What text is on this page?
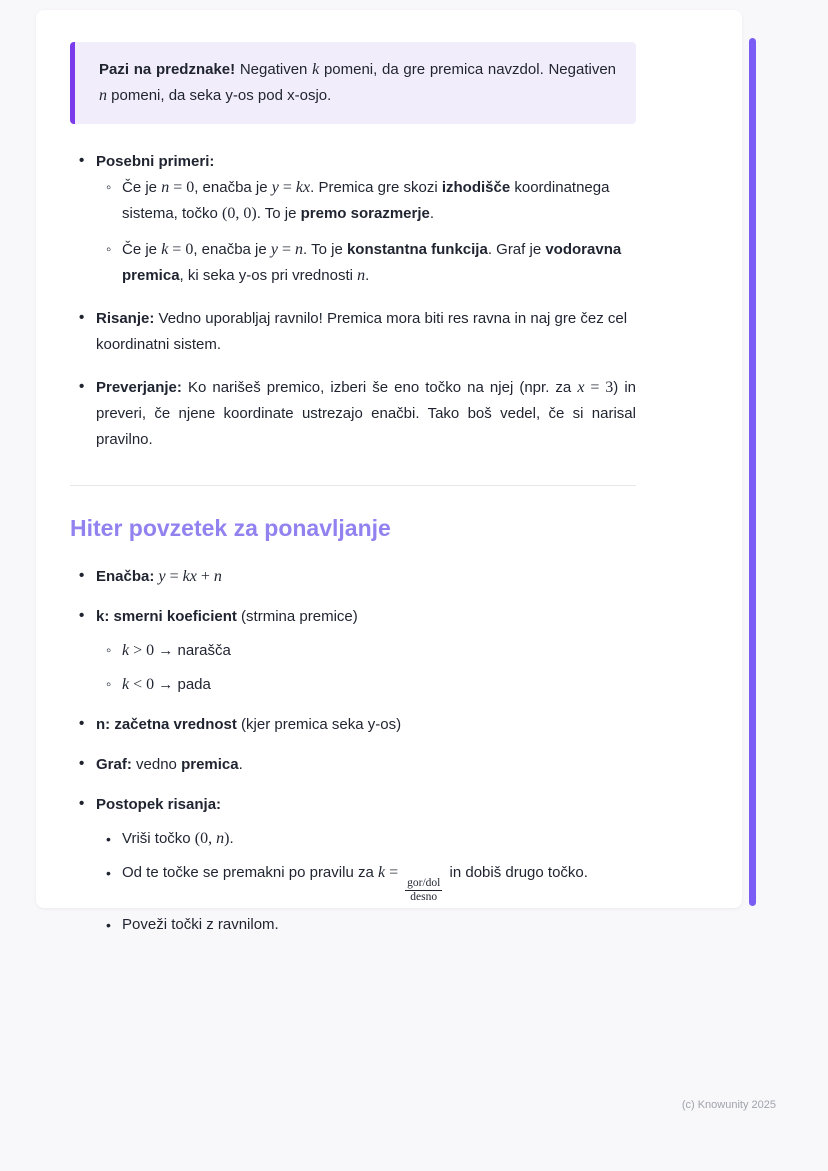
Pazi na predznake! Negativen k pomeni, da gre premica navzdol. Negativen n pomeni, da seka y-os pod x-osjo.

• Posebni primeri:

◦ Če je n = 0, enačba je y = kx. Premica gre skozi izhodišče koordinatnega sistema, točko (0, 0). To je premo sorazmerje.

◦ Če je k = 0, enačba je y = n. To je konstantna funkcija. Graf je vodoravna premica, ki seka y-os pri vrednosti n.

• Risanje: Vedno uporabljaj ravnilo! Premica mora biti res ravna in naj gre čez cel koordinatni sistem.

• Preverjanje: Ko narišeš premico, izberi še eno točko na njej (npr. za x = 3) in preveri, če njene koordinate ustrezajo enačbi. Tako boš vedel, če si narisal pravilno.

Hiter povzetek za ponavljanje

• Enačba: y = kx + n

• k: smerni koeficient (strmina premice)

◦ k > 0 → narašča

◦ k < 0 → pada

• n: začetna vrednost (kjer premica seka y-os)

• Graf: vedno premica.

• Postopek risanja:

• Vriši točko (0, n).

• Od te točke se premakni po pravilu za k =
$\frac{\text{gor/dol}}{\text{desno}}$
in dobiš drugo točko.

• Poveži točki z ravnilom.

(c) Knowunity 2025
